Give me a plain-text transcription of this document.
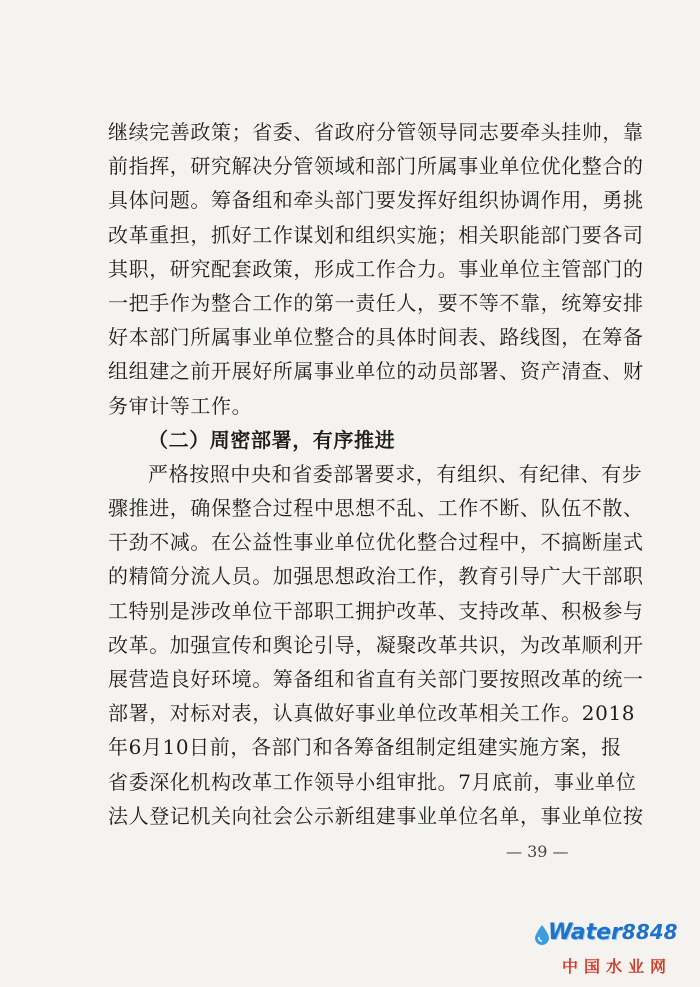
继续完善政策；省委、省政府分管领导同志要牵头挂帅，靠
前指挥，研究解决分管领域和部门所属事业单位优化整合的
具体问题。筹备组和牵头部门要发挥好组织协调作用，勇挑
改革重担，抓好工作谋划和组织实施；相关职能部门要各司
其职，研究配套政策，形成工作合力。事业单位主管部门的
一把手作为整合工作的第一责任人，要不等不靠，统筹安排
好本部门所属事业单位整合的具体时间表、路线图，在筹备
组组建之前开展好所属事业单位的动员部署、资产清查、财
务审计等工作。
（二）周密部署，有序推进
严格按照中央和省委部署要求，有组织、有纪律、有步
骤推进，确保整合过程中思想不乱、工作不断、队伍不散、
干劲不减。在公益性事业单位优化整合过程中，不搞断崖式
的精简分流人员。加强思想政治工作，教育引导广大干部职
工特别是涉改单位干部职工拥护改革、支持改革、积极参与
改革。加强宣传和舆论引导，凝聚改革共识，为改革顺利开
展营造良好环境。筹备组和省直有关部门要按照改革的统一
部署，对标对表，认真做好事业单位改革相关工作。2018
年6月10日前，各部门和各筹备组制定组建实施方案，报
省委深化机构改革工作领导小组审批。7月底前，事业单位
法人登记机关向社会公示新组建事业单位名单，事业单位按
— 39 —
Water8848
中国水业网
